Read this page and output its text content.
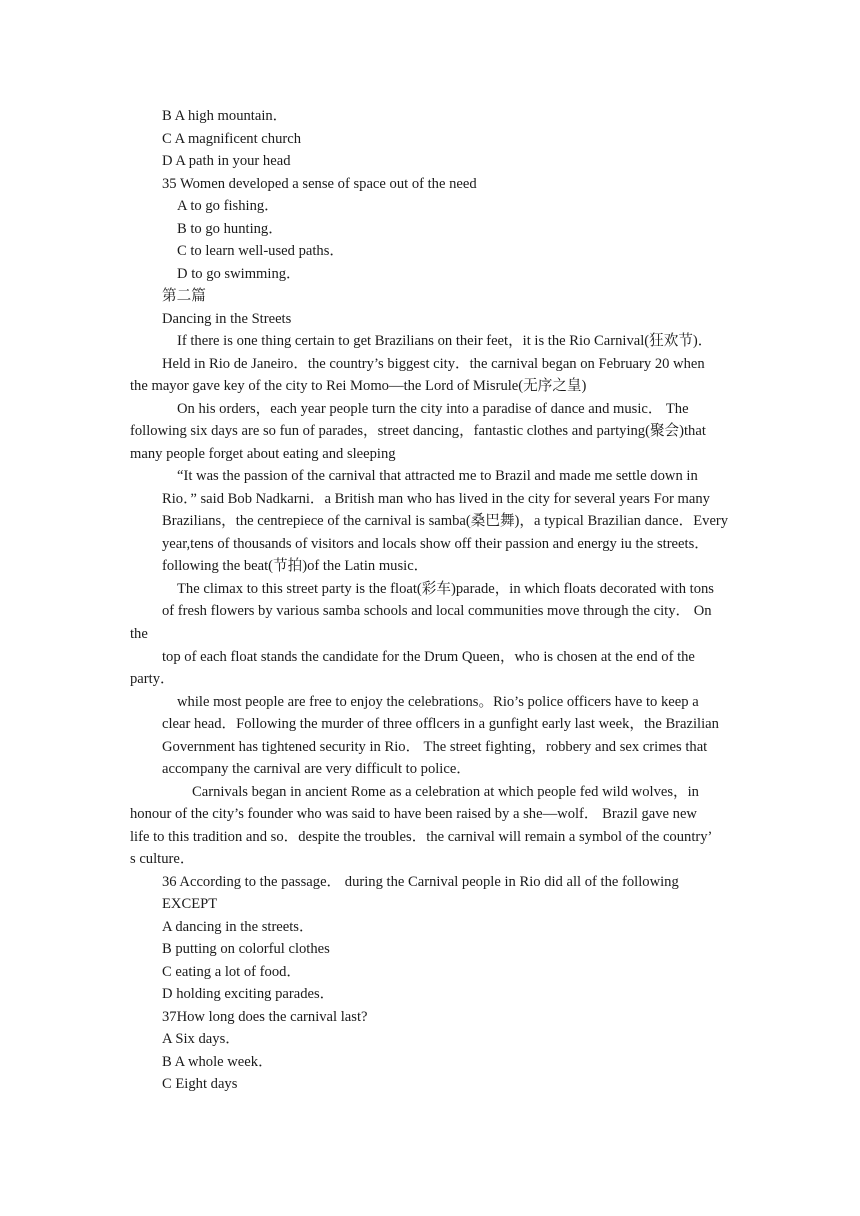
B A high mountain．
C A magnificent church
D A path in your head
35 Women developed a sense of space out of the need
A to go fishing．
B to go hunting．
C to learn well-used paths．
D to go swimming．
第二篇
Dancing in the Streets
If there is one thing certain to get Brazilians on their feet，it is the Rio Carnival(狂欢节)．
Held in Rio de Janeiro．the country’s biggest city．the carnival began on February 20 when
the mayor gave key of the city to Rei Momo—the Lord of Misrule(无序之皇)
On his orders，each year people turn the city into a paradise of dance and music． The
following six days are so fun of parades，street dancing，fantastic clothes and partying(聚会)that
many people forget about eating and sleeping
“It was the passion of the carnival that attracted me to Brazil and made me settle down in
Rio．” said Bob Nadkarni．a British man who has lived in the city for several years For many
Brazilians，the centrepiece of the carnival is samba(桑巴舞)，a typical Brazilian dance．Every
year,tens of thousands of visitors and locals show off their passion and energy iu the streets．
following the beat(节拍)of the Latin music．
The climax to this street party is the float(彩车)parade，in which floats decorated with tons
of fresh flowers by various samba schools and local communities move through the city． On
the
top of each float stands the candidate for the Drum Queen，who is chosen at the end of the
party．
while most people are free to enjoy the celebrations。Rio’s police officers have to keep a
clear head．Following the murder of three offlcers in a gunfight early last week，the Brazilian
Government has tightened security in Rio． The street fighting，robbery and sex crimes that
accompany the carnival are very difficult to police．
Carnivals began in ancient Rome as a celebration at which people fed wild wolves，in
honour of the city’s founder who was said to have been raised by a she—wolf． Brazil gave new
life to this tradition and so．despite the troubles．the carnival will remain a symbol of the country’
s culture．
36 According to the passage． during the Carnival people in Rio did all of the following
EXCEPT
A dancing in the streets．
B putting on colorful clothes
C eating a lot of food．
D holding exciting parades．
37How long does the carnival last?
A Six days．
B A whole week．
C Eight days
